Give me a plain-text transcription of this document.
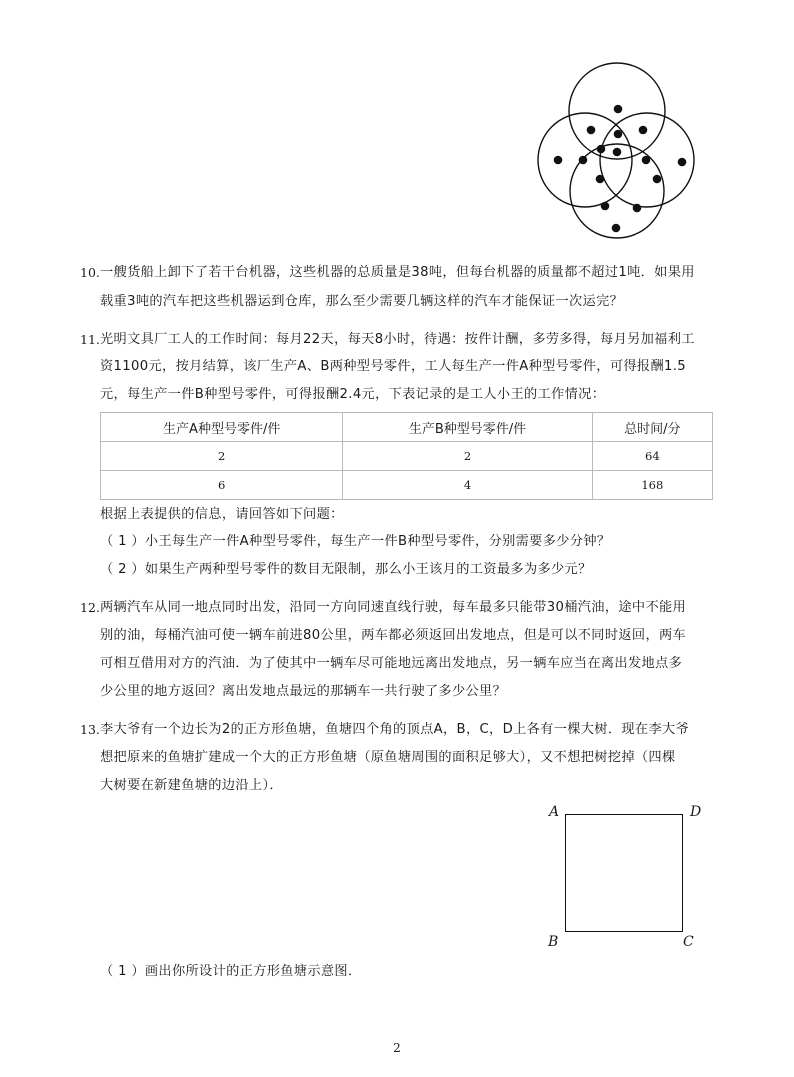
10. 一艘货船上卸下了若干台机器，这些机器的总质量是38吨，但每台机器的质量都不超过1吨．如果用
载重3吨的汽车把这些机器运到仓库，那么至少需要几辆这样的汽车才能保证一次运完？
11. 光明文具厂工人的工作时间：每月22天，每天8小时，待遇：按件计酬，多劳多得，每月另加福利工
资1100元，按月结算，该厂生产A、B两种型号零件，工人每生产一件A种型号零件，可得报酬1.5
元，每生产一件B种型号零件，可得报酬2.4元，下表记录的是工人小王的工作情况：
生产A种型号零件/件	生产B种型号零件/件	总时间/分
2	2	64
6	4	168
根据上表提供的信息，请回答如下问题：
（ 1 ）小王每生产一件A种型号零件，每生产一件B种型号零件，分别需要多少分钟？
（ 2 ）如果生产两种型号零件的数目无限制，那么小王该月的工资最多为多少元？
12. 两辆汽车从同一地点同时出发，沿同一方向同速直线行驶，每车最多只能带30桶汽油，途中不能用
别的油，每桶汽油可使一辆车前进80公里，两车都必须返回出发地点，但是可以不同时返回，两车
可相互借用对方的汽油．为了使其中一辆车尽可能地远离出发地点，另一辆车应当在离出发地点多
少公里的地方返回？离出发地点最远的那辆车一共行驶了多少公里？
13. 李大爷有一个边长为2的正方形鱼塘，鱼塘四个角的顶点A，B，C，D上各有一棵大树．现在李大爷
想把原来的鱼塘扩建成一个大的正方形鱼塘（原鱼塘周围的面积足够大），又不想把树挖掉（四棵
大树要在新建鱼塘的边沿上）．
A	D
B	C
（ 1 ）画出你所设计的正方形鱼塘示意图．
2
